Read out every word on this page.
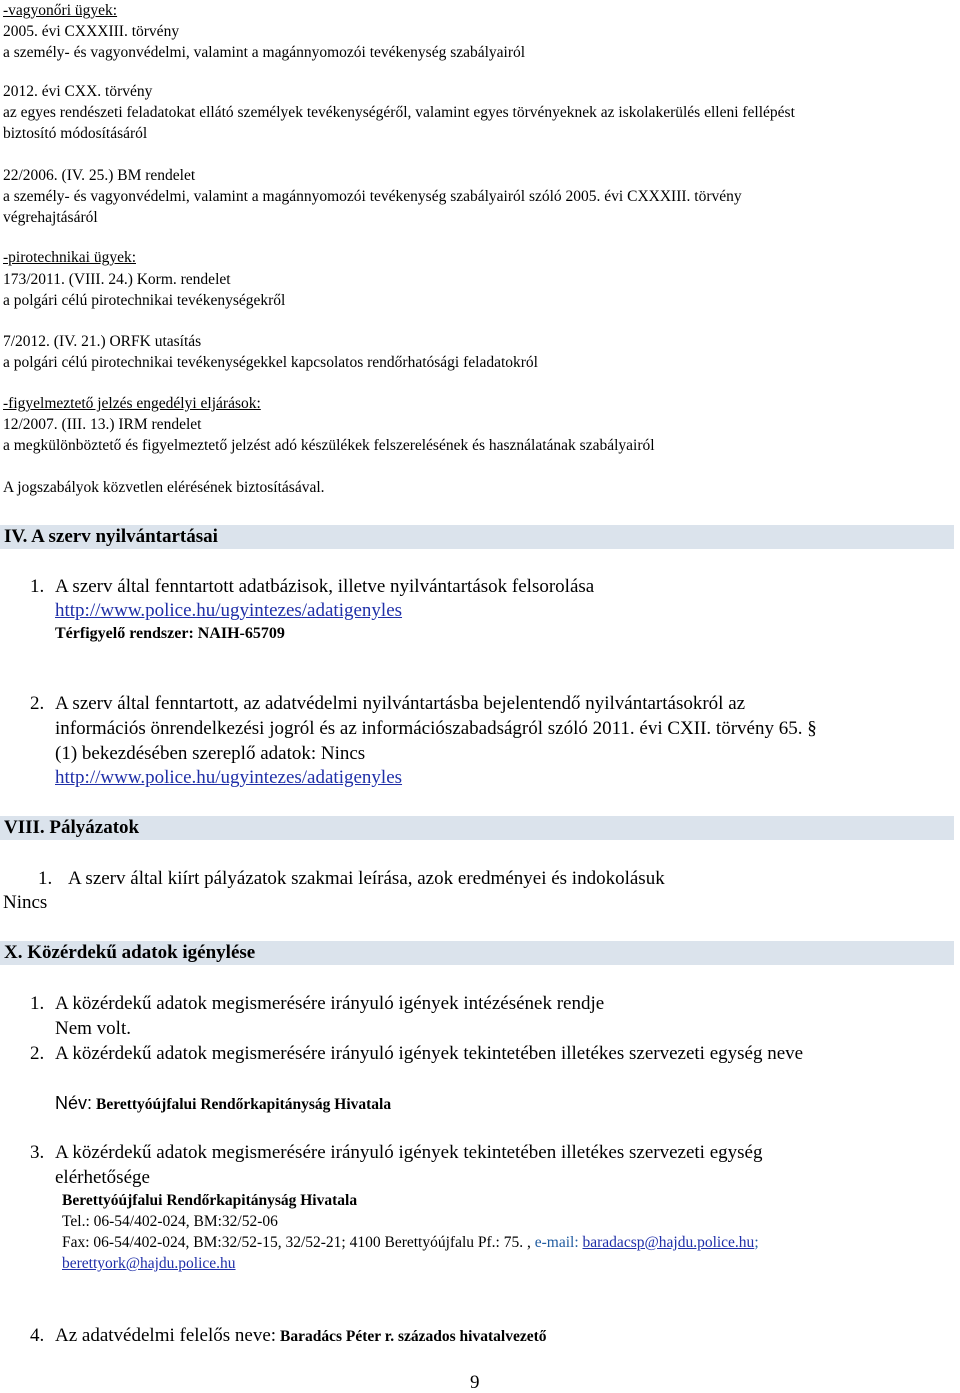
-vagyonőri ügyek:
2005. évi CXXXIII. törvény
a személy- és vagyonvédelmi, valamint a magánnyomozói tevékenység szabályairól
2012. évi CXX. törvény
az egyes rendészeti feladatokat ellátó személyek tevékenységéről, valamint egyes törvényeknek az iskolakerülés elleni fellépést
biztosító módosításáról
22/2006. (IV. 25.) BM rendelet
a személy- és vagyonvédelmi, valamint a magánnyomozói tevékenység szabályairól szóló 2005. évi CXXXIII. törvény
végrehajtásáról
-pirotechnikai ügyek:
173/2011. (VIII. 24.) Korm. rendelet
a polgári célú pirotechnikai tevékenységekről
7/2012. (IV. 21.) ORFK utasítás
a polgári célú pirotechnikai tevékenységekkel kapcsolatos rendőrhatósági feladatokról
-figyelmeztető jelzés engedélyi eljárások:
12/2007. (III. 13.) IRM rendelet
a megkülönböztető és figyelmeztető jelzést adó készülékek felszerelésének és használatának szabályairól
A jogszabályok közvetlen elérésének biztosításával.
IV. A szerv nyilvántartásai
1. A szerv által fenntartott adatbázisok, illetve nyilvántartások felsorolása
http://www.police.hu/ugyintezes/adatigenyles
Térfigyelő rendszer: NAIH-65709
2. A szerv által fenntartott, az adatvédelmi nyilvántartásba bejelentendő nyilvántartásokról az
információs önrendelkezési jogról és az információszabadságról szóló 2011. évi CXII. törvény 65. §
(1) bekezdésében szereplő adatok: Nincs
http://www.police.hu/ugyintezes/adatigenyles
VIII. Pályázatok
1. A szerv által kiírt pályázatok szakmai leírása, azok eredményei és indokolásuk
Nincs
X. Közérdekű adatok igénylése
1. A közérdekű adatok megismerésére irányuló igények intézésének rendje
Nem volt.
2. A közérdekű adatok megismerésére irányuló igények tekintetében illetékes szervezeti egység neve
Név: Berettyóújfalui Rendőrkapitányság Hivatala
3. A közérdekű adatok megismerésére irányuló igények tekintetében illetékes szervezeti egység
elérhetősége
Berettyóújfalui Rendőrkapitányság Hivatala
Tel.: 06-54/402-024, BM:32/52-06
Fax: 06-54/402-024, BM:32/52-15, 32/52-21; 4100 Berettyóújfalu Pf.: 75. , e-mail: baradacsp@hajdu.police.hu;
berettyork@hajdu.police.hu
4. Az adatvédelmi felelős neve: Baradács Péter r. százados hivatalvezető
9
